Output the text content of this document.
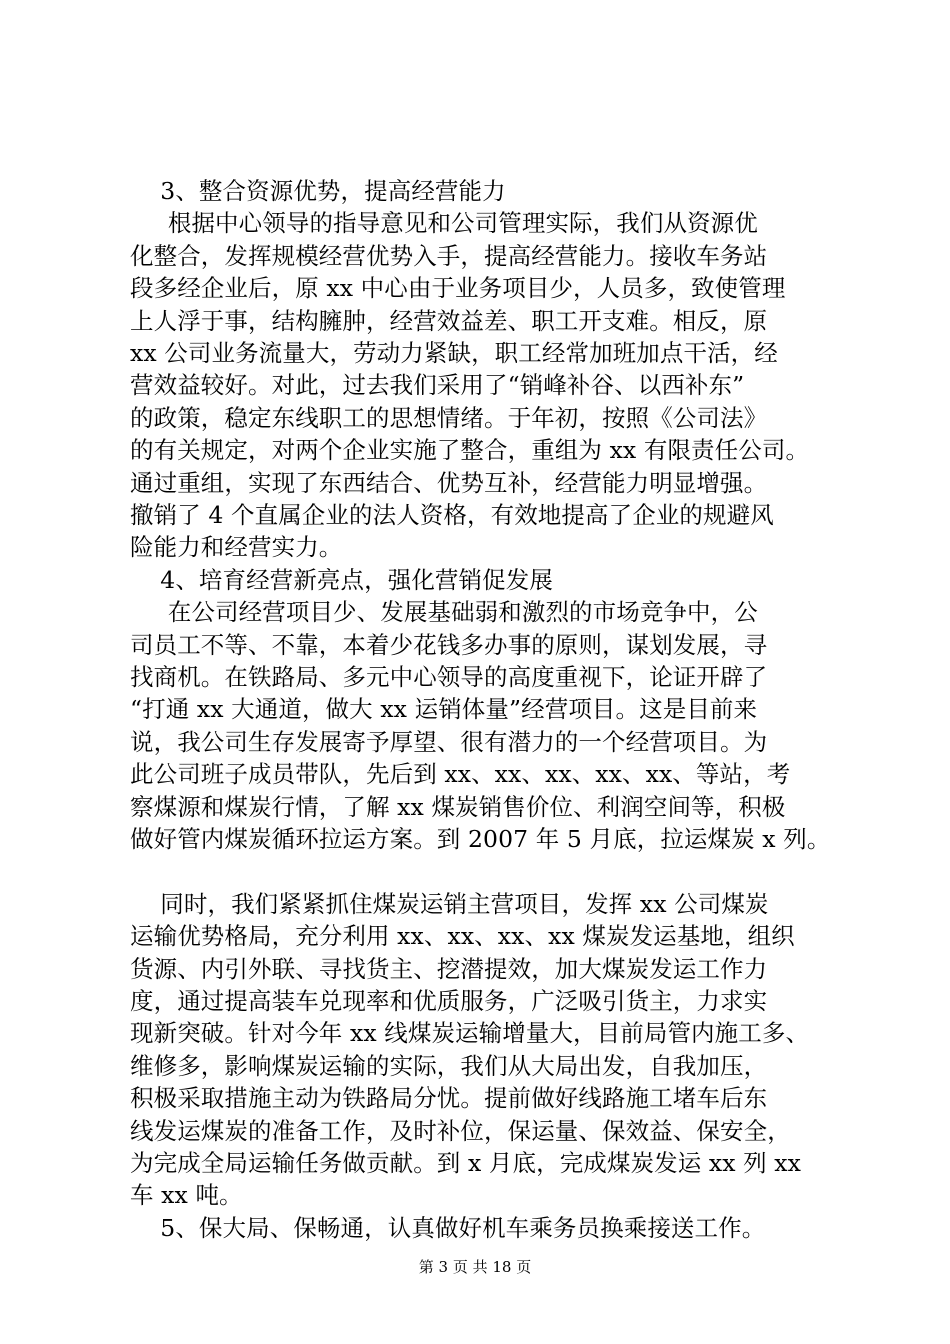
3、整合资源优势，提高经营能力
根据中心领导的指导意见和公司管理实际，我们从资源优
化整合，发挥规模经营优势入手，提高经营能力。接收车务站
段多经企业后，原 xx 中心由于业务项目少，人员多，致使管理
上人浮于事，结构臃肿，经营效益差、职工开支难。相反，原
xx 公司业务流量大，劳动力紧缺，职工经常加班加点干活，经
营效益较好。对此，过去我们采用了“销峰补谷、以西补东”
的政策，稳定东线职工的思想情绪。于年初，按照《公司法》
的有关规定，对两个企业实施了整合，重组为 xx 有限责任公司。
通过重组，实现了东西结合、优势互补，经营能力明显增强。
撤销了 4 个直属企业的法人资格，有效地提高了企业的规避风
险能力和经营实力。
4、培育经营新亮点，强化营销促发展
在公司经营项目少、发展基础弱和激烈的市场竞争中，公
司员工不等、不靠，本着少花钱多办事的原则，谋划发展，寻
找商机。在铁路局、多元中心领导的高度重视下，论证开辟了
“打通 xx 大通道，做大 xx 运销体量”经营项目。这是目前来
说，我公司生存发展寄予厚望、很有潜力的一个经营项目。为
此公司班子成员带队，先后到 xx、xx、xx、xx、xx、等站，考
察煤源和煤炭行情，了解 xx 煤炭销售价位、利润空间等，积极
做好管内煤炭循环拉运方案。到 2007 年 5 月底，拉运煤炭 x 列。
同时，我们紧紧抓住煤炭运销主营项目，发挥 xx 公司煤炭
运输优势格局，充分利用 xx、xx、xx、xx 煤炭发运基地，组织
货源、内引外联、寻找货主、挖潜提效，加大煤炭发运工作力
度，通过提高装车兑现率和优质服务，广泛吸引货主，力求实
现新突破。针对今年 xx 线煤炭运输增量大，目前局管内施工多、
维修多，影响煤炭运输的实际，我们从大局出发，自我加压，
积极采取措施主动为铁路局分忧。提前做好线路施工堵车后东
线发运煤炭的准备工作，及时补位，保运量、保效益、保安全，
为完成全局运输任务做贡献。到 x 月底，完成煤炭发运 xx 列 xx
车 xx 吨。
5、保大局、保畅通，认真做好机车乘务员换乘接送工作。
第 3 页 共 18 页
